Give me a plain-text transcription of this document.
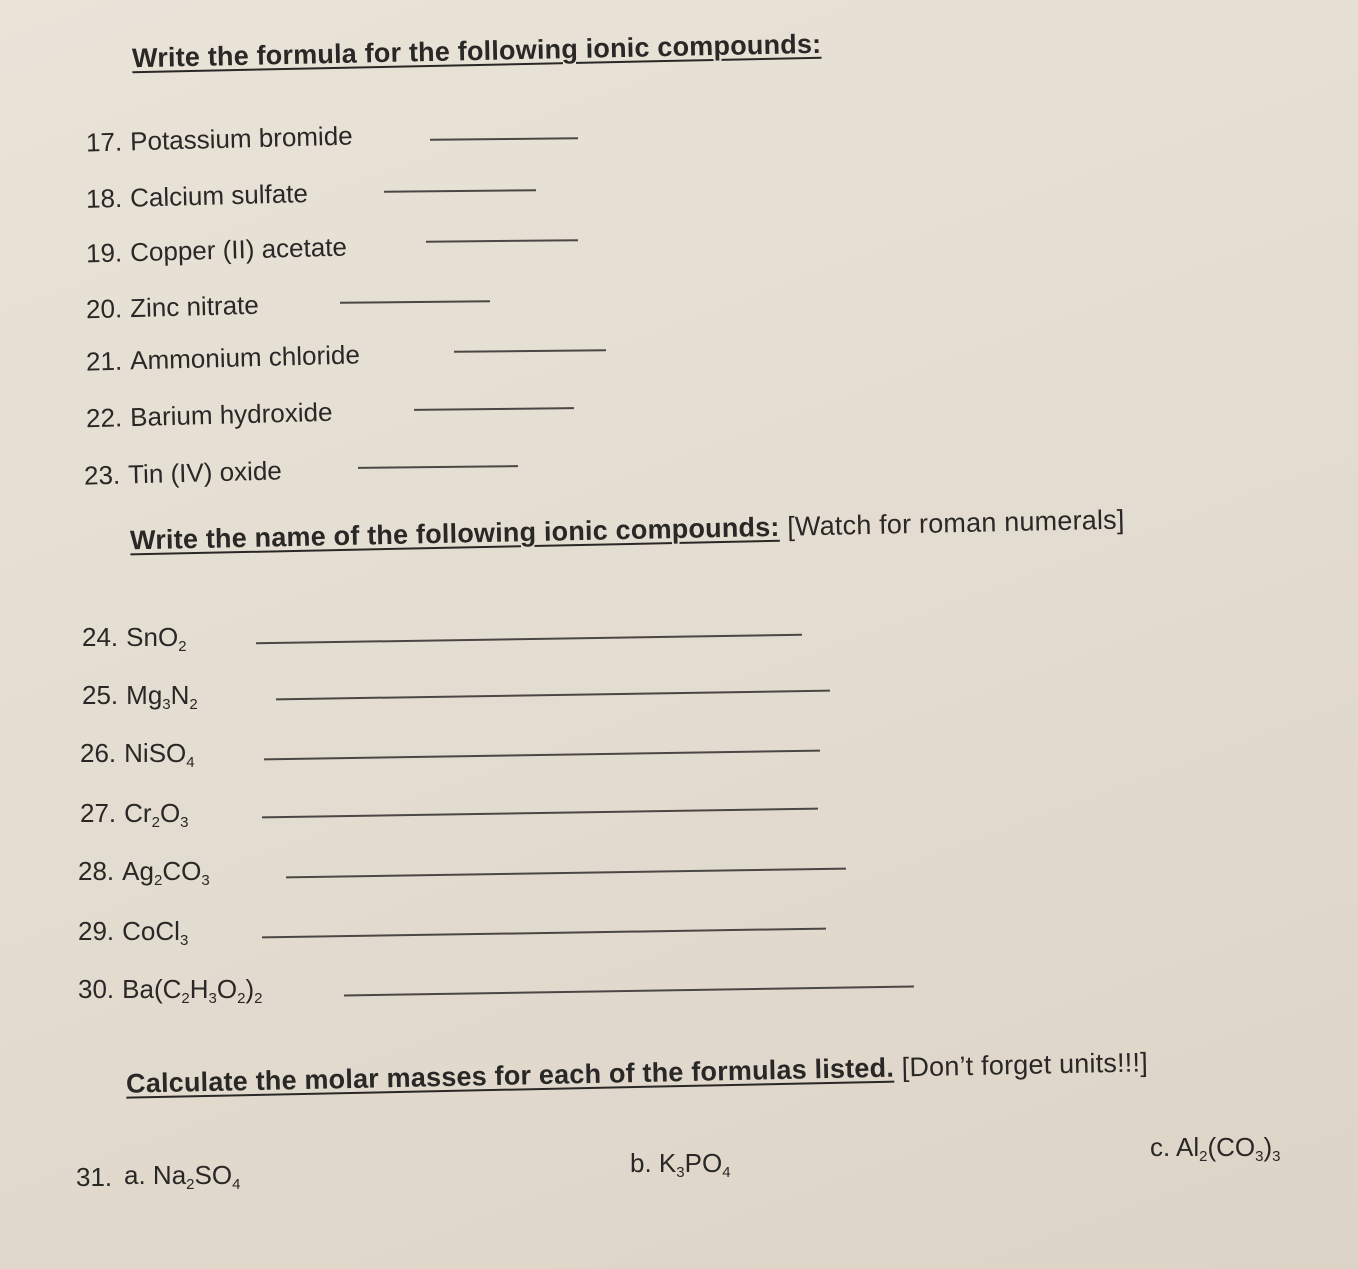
Write the formula for the following ionic compounds:
17. Potassium bromide
18. Calcium sulfate
19. Copper (II) acetate
20. Zinc nitrate
21. Ammonium chloride
22. Barium hydroxide
23. Tin (IV) oxide
Write the name of the following ionic compounds: [Watch for roman numerals]
24. SnO$_2$
25. $Mg_3N_2$
26. NiSO$_4$
27. $Cr_2O_3$
28. $Ag_2CO_3$
29. CoCl$_3$
30. $Ba(C_2H_3O_2)_2$
Calculate the molar masses for each of the formulas listed. [Don’t forget units!!!]
31. a. $Na_2SO_4$
b. $K_3PO_4$
c. $Al_2(CO_3)_3$
